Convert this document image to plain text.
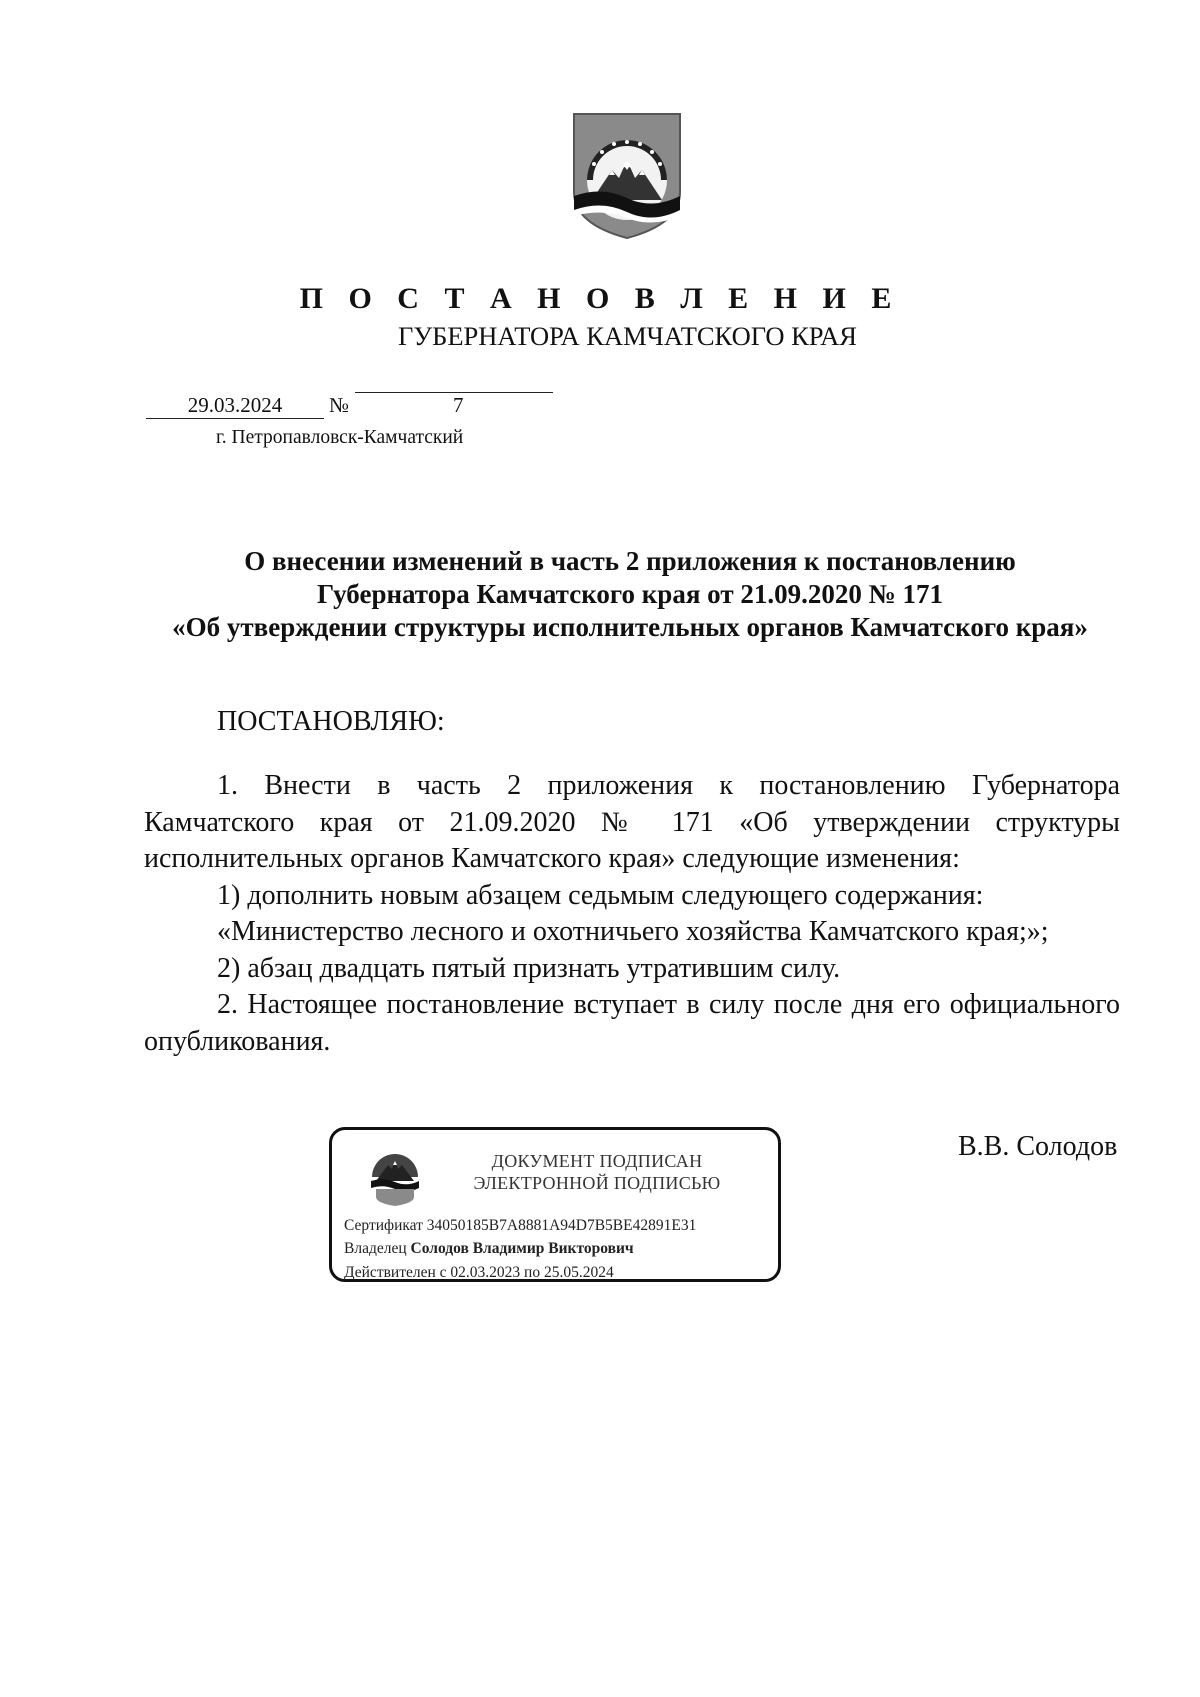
П О С Т А Н О В Л Е Н И Е
ГУБЕРНАТОРА КАМЧАТСКОГО КРАЯ
29.03.2024	№	7
г. Петропавловск-Камчатский
О внесении изменений в часть 2 приложения к постановлению
Губернатора Камчатского края от 21.09.2020 № 171
«Об утверждении структуры исполнительных органов Камчатского края»
ПОСТАНОВЛЯЮ:
1. Внести в часть 2 приложения к постановлению Губернатора
Камчатского края от 21.09.2020 № 171 «Об утверждении структуры
исполнительных органов Камчатского края» следующие изменения:
1) дополнить новым абзацем седьмым следующего содержания:
«Министерство лесного и охотничьего хозяйства Камчатского края;»;
2) абзац двадцать пятый признать утратившим силу.
2. Настоящее постановление вступает в силу после дня его официального
опубликования.
ДОКУМЕНТ ПОДПИСАН
ЭЛЕКТРОННОЙ ПОДПИСЬЮ
Сертификат 34050185B7A8881A94D7B5BE42891E31
Владелец Солодов Владимир Викторович
Действителен с 02.03.2023 по 25.05.2024
В.В. Солодов
